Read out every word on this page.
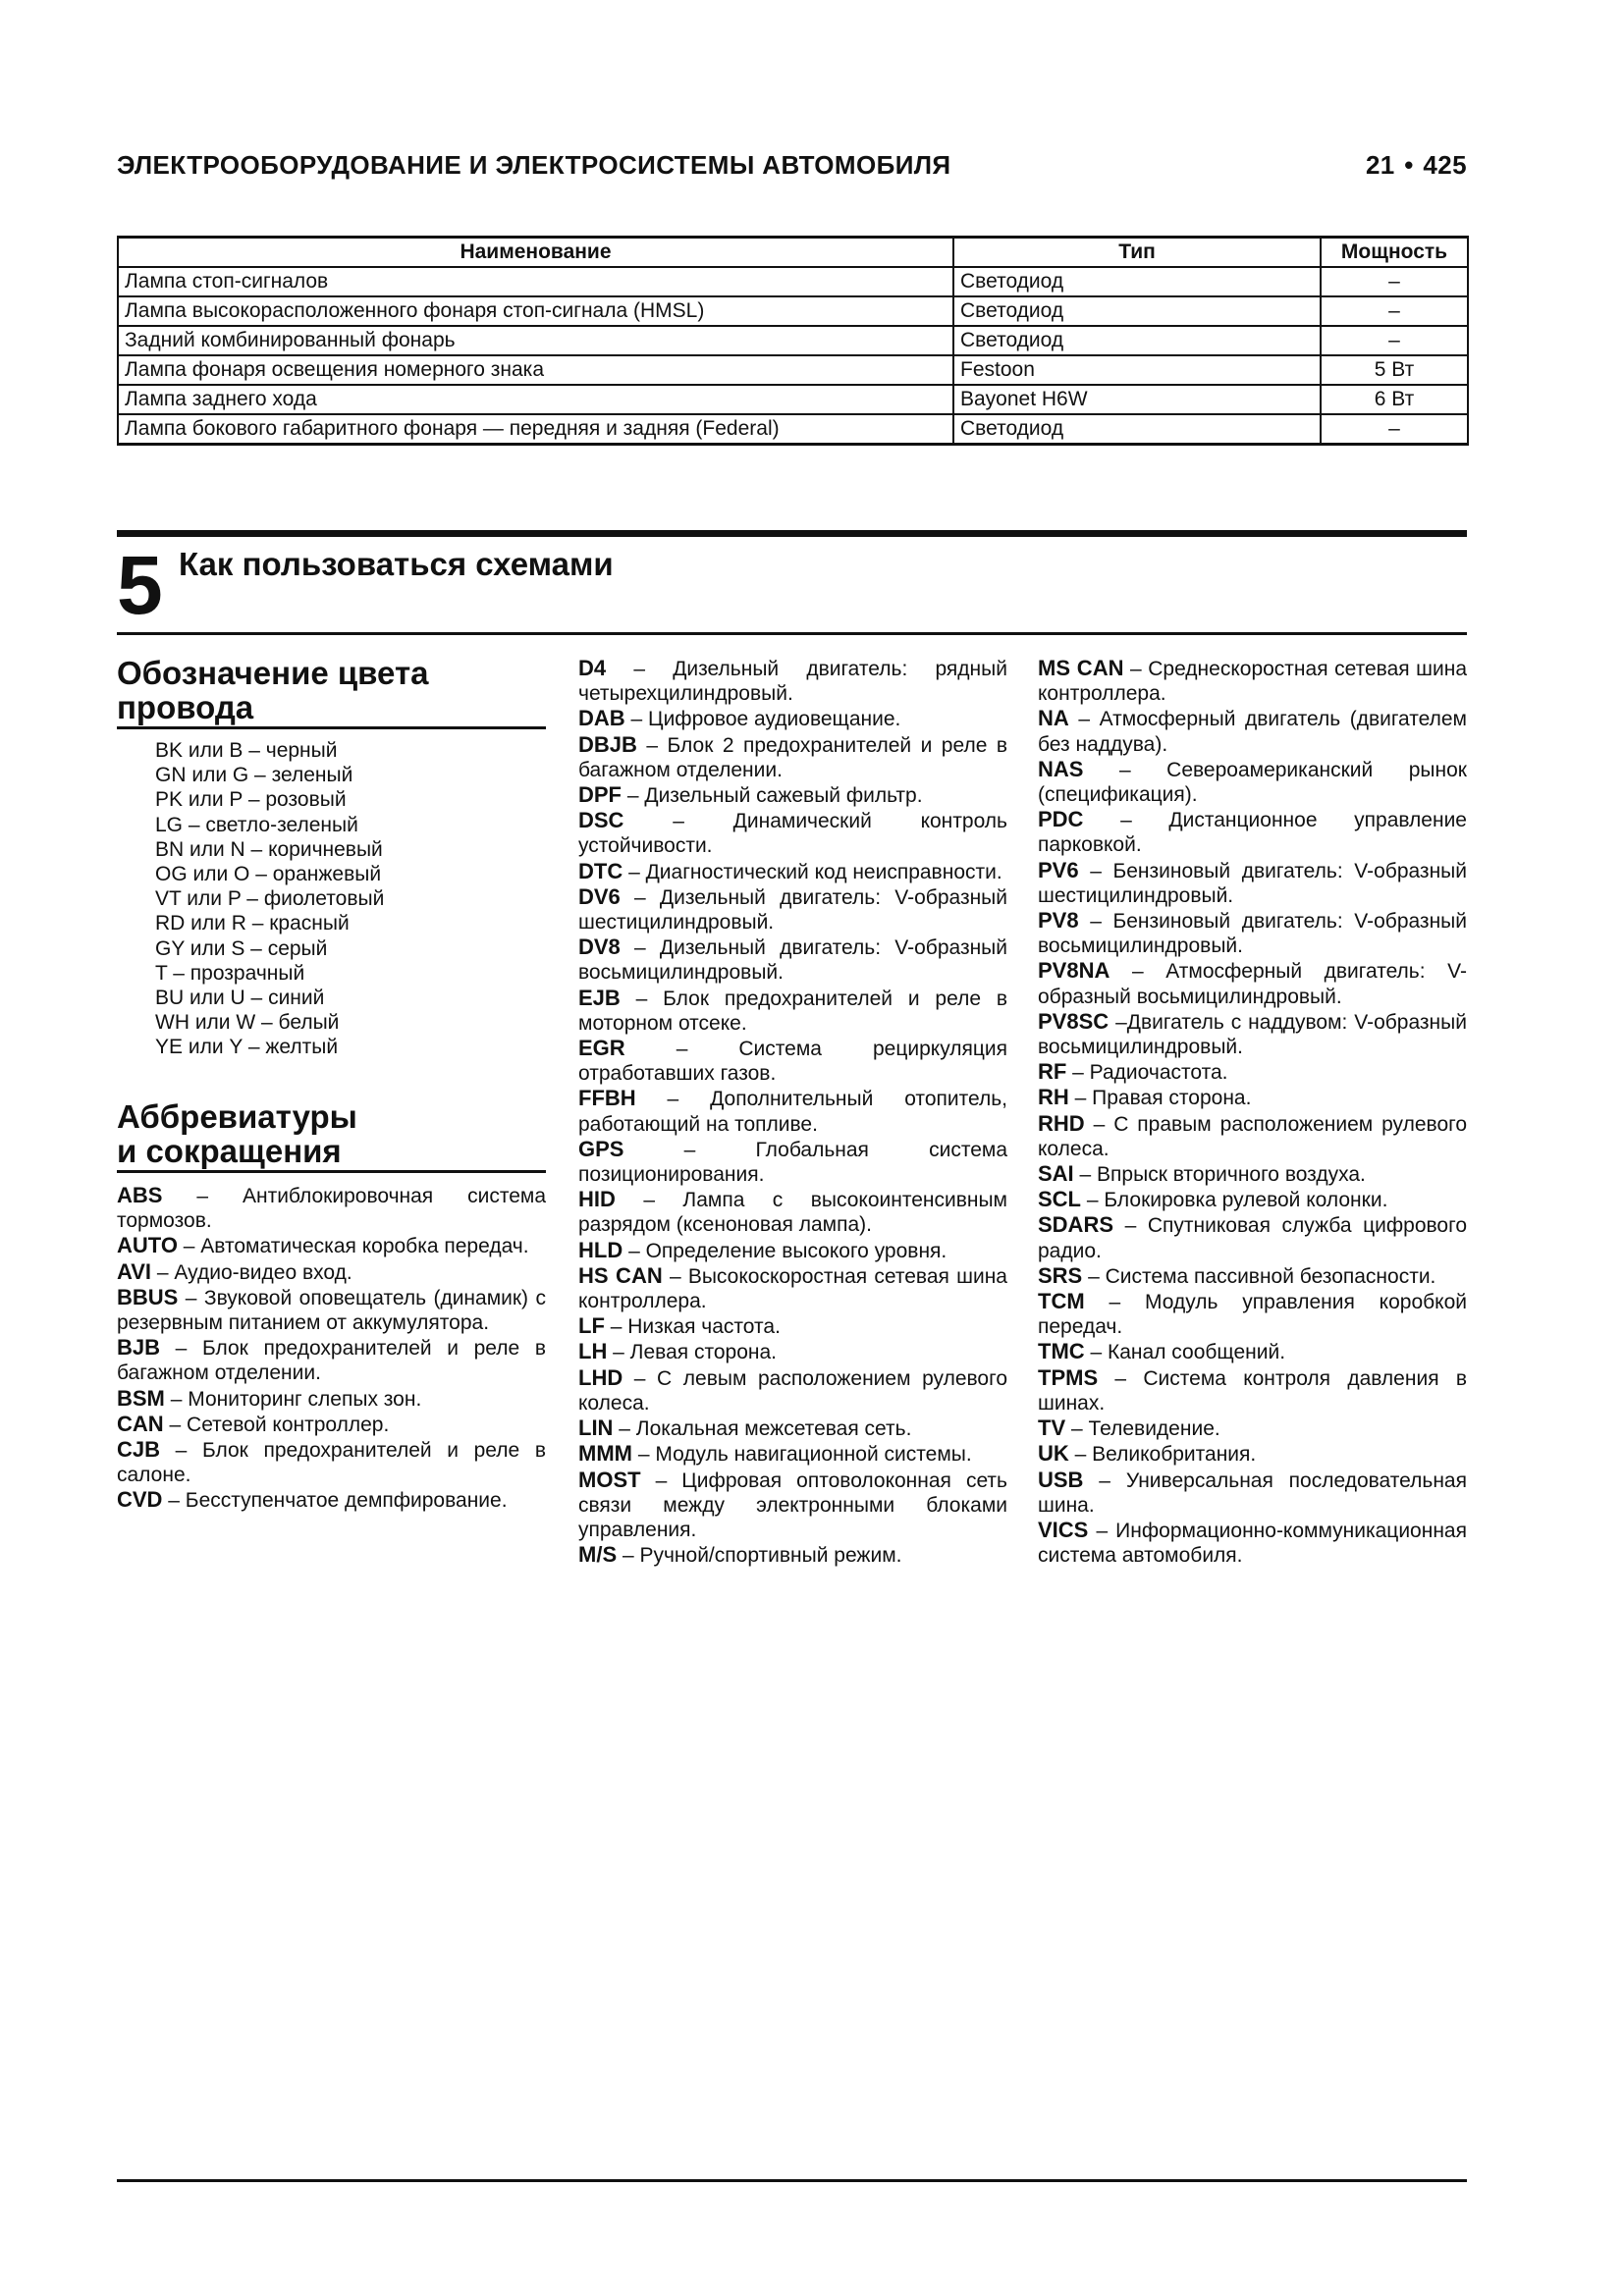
ЭЛЕКТРООБОРУДОВАНИЕ И ЭЛЕКТРОСИСТЕМЫ АВТОМОБИЛЯ	21 • 425
Наименование	Тип	Мощность
Лампа стоп-сигналов	Светодиод	–
Лампа высокорасположенного фонаря стоп-сигнала (HMSL)	Светодиод	–
Задний комбинированный фонарь	Светодиод	–
Лампа фонаря освещения номерного знака	Festoon	5 Вт
Лампа заднего хода	Bayonet H6W	6 Вт
Лампа бокового габаритного фонаря — передняя и задняя (Federal)	Светодиод	–
5 Как пользоваться схемами
Обозначение цвета
провода
BK или B – черный
GN или G – зеленый
PK или P – розовый
LG – светло-зеленый
BN или N – коричневый
OG или O – оранжевый
VT или P – фиолетовый
RD или R – красный
GY или S – серый
T – прозрачный
BU или U – синий
WH или W – белый
YE или Y – желтый
Аббревиатуры
и сокращения
ABS – Антиблокировочная система тормозов.
AUTO – Автоматическая коробка передач.
AVI – Аудио-видео вход.
BBUS – Звуковой оповещатель (динамик) с резервным питанием от аккумулятора.
BJB – Блок предохранителей и реле в багажном отделении.
BSM – Мониторинг слепых зон.
CAN – Сетевой контроллер.
CJB – Блок предохранителей и реле в салоне.
CVD – Бесступенчатое демпфирование.
D4 – Дизельный двигатель: рядный четырехцилиндровый.
DAB – Цифровое аудиовещание.
DBJB – Блок 2 предохранителей и реле в багажном отделении.
DPF – Дизельный сажевый фильтр.
DSC – Динамический контроль устойчивости.
DTC – Диагностический код неисправности.
DV6 – Дизельный двигатель: V-образный шестицилиндровый.
DV8 – Дизельный двигатель: V-образный восьмицилиндровый.
EJB – Блок предохранителей и реле в моторном отсеке.
EGR – Система рециркуляция отработавших газов.
FFBH – Дополнительный отопитель, работающий на топливе.
GPS	– Глобальная система позиционирования.
HID – Лампа с высокоинтенсивным разрядом (ксеноновая лампа).
HLD – Определение высокого уровня.
HS CAN – Высокоскоростная сетевая шина контроллера.
LF – Низкая частота.
LH – Левая сторона.
LHD – С левым расположением рулевого колеса.
LIN – Локальная межсетевая сеть.
MMM – Модуль навигационной системы.
MOST – Цифровая оптоволоконная сеть связи между электронными блоками управления.
M/S – Ручной/спортивный режим.
MS CAN – Среднескоростная сетевая шина контроллера.
NA – Атмосферный двигатель (двигателем без наддува).
NAS – Североамериканский рынок (спецификация).
PDC – Дистанционное управление парковкой.
PV6 – Бензиновый двигатель: V-образный шестицилиндровый.
PV8 – Бензиновый двигатель: V-образный восьмицилиндровый.
PV8NA – Атмосферный двигатель: V-образный восьмицилиндровый.
PV8SC –Двигатель с наддувом: V-образный восьмицилиндровый.
RF – Радиочастота.
RH – Правая сторона.
RHD – С правым расположением рулевого колеса.
SAI – Впрыск вторичного воздуха.
SCL – Блокировка рулевой колонки.
SDARS – Спутниковая служба цифрового радио.
SRS – Система пассивной безопасности.
TCM – Модуль управления коробкой передач.
TMC – Канал сообщений.
TPMS – Система контроля давления в шинах.
TV – Телевидение.
UK – Великобритания.
USB – Универсальная последовательная шина.
VICS – Информационно-коммуникационная система автомобиля.
